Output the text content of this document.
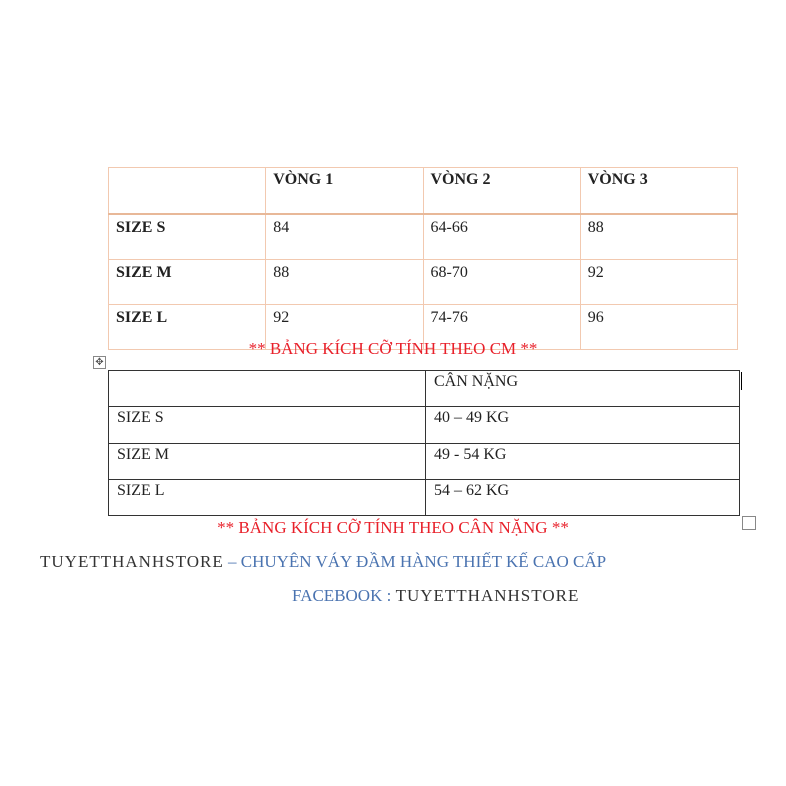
	VÒNG 1	VÒNG 2	VÒNG 3
SIZE S	84	64-66	88
SIZE M	88	68-70	92
SIZE L	92	74-76	96
** BẢNG KÍCH CỠ TÍNH THEO CM **
✥
	CÂN NẶNG
SIZE S	40 – 49 KG
SIZE M	49 - 54 KG
SIZE L	54 – 62 KG
** BẢNG KÍCH CỠ TÍNH THEO CÂN NẶNG **
TUYETTHANHSTORE – CHUYÊN VÁY ĐẦM HÀNG THIẾT KẾ CAO CẤP
FACEBOOK : TUYETTHANHSTORE
